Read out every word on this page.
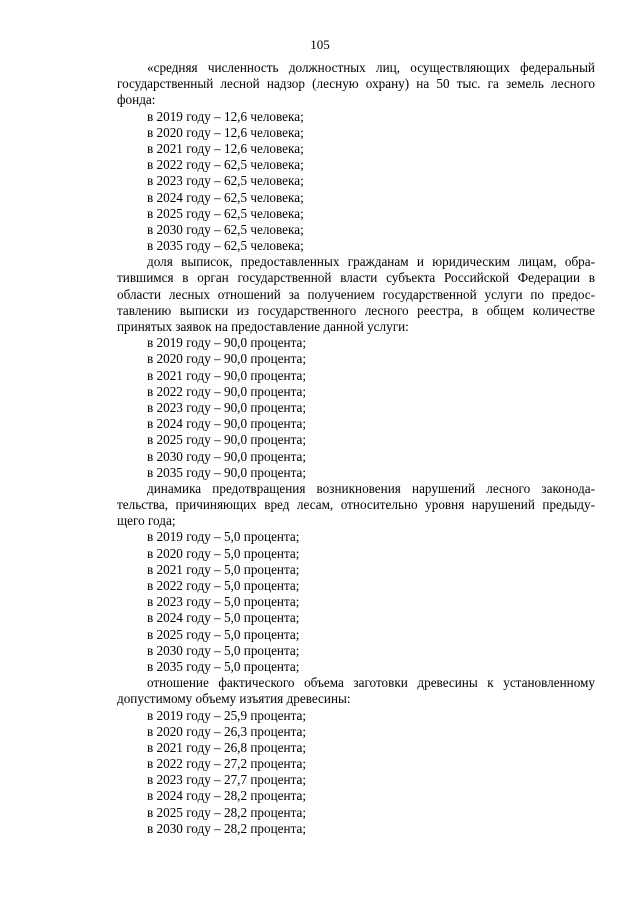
105
«средняя численность должностных лиц, осуществляющих федеральный
государственный лесной надзор (лесную охрану) на 50 тыс. га земель лесного
фонда:
в 2019 году – 12,6 человека;
в 2020 году – 12,6 человека;
в 2021 году – 12,6 человека;
в 2022 году – 62,5 человека;
в 2023 году – 62,5 человека;
в 2024 году – 62,5 человека;
в 2025 году – 62,5 человека;
в 2030 году – 62,5 человека;
в 2035 году – 62,5 человека;
доля выписок, предоставленных гражданам и юридическим лицам, обра-
тившимся в орган государственной власти субъекта Российской Федерации в
области лесных отношений за получением государственной услуги по предос-
тавлению выписки из государственного лесного реестра, в общем количестве
принятых заявок на предоставление данной услуги:
в 2019 году – 90,0 процента;
в 2020 году – 90,0 процента;
в 2021 году – 90,0 процента;
в 2022 году – 90,0 процента;
в 2023 году – 90,0 процента;
в 2024 году – 90,0 процента;
в 2025 году – 90,0 процента;
в 2030 году – 90,0 процента;
в 2035 году – 90,0 процента;
динамика предотвращения возникновения нарушений лесного законода-
тельства, причиняющих вред лесам, относительно уровня нарушений предыду-
щего года;
в 2019 году – 5,0 процента;
в 2020 году – 5,0 процента;
в 2021 году – 5,0 процента;
в 2022 году – 5,0 процента;
в 2023 году – 5,0 процента;
в 2024 году – 5,0 процента;
в 2025 году – 5,0 процента;
в 2030 году – 5,0 процента;
в 2035 году – 5,0 процента;
отношение фактического объема заготовки древесины к установленному
допустимому объему изъятия древесины:
в 2019 году – 25,9 процента;
в 2020 году – 26,3 процента;
в 2021 году – 26,8 процента;
в 2022 году – 27,2 процента;
в 2023 году – 27,7 процента;
в 2024 году – 28,2 процента;
в 2025 году – 28,2 процента;
в 2030 году – 28,2 процента;
